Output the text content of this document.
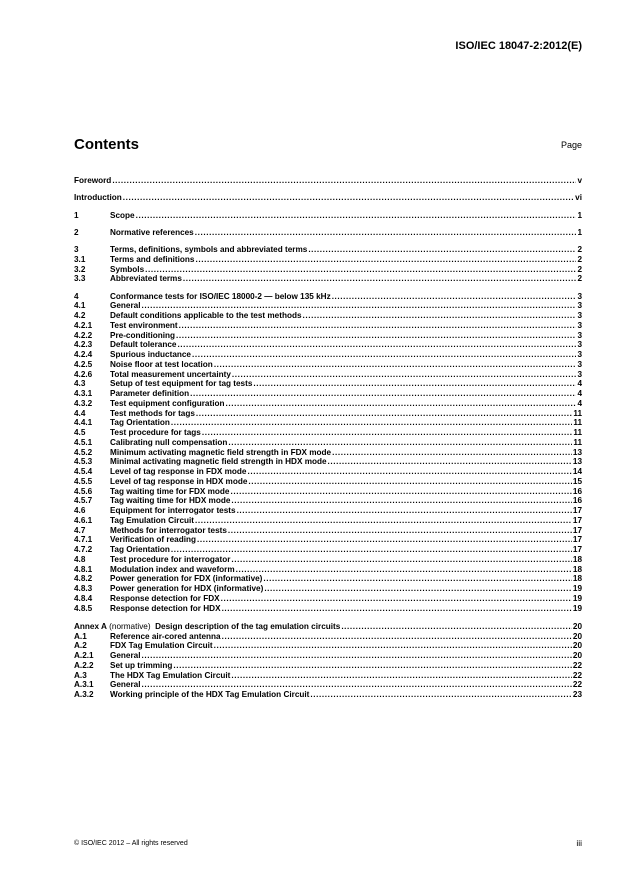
ISO/IEC 18047-2:2012(E)
Contents	Page
Foreword .....	v
Introduction .....	vi
1	Scope .....	1
2	Normative references .....	1
3	Terms, definitions, symbols and abbreviated terms .....	2
3.1	Terms and definitions .....	2
3.2	Symbols .....	2
3.3	Abbreviated terms .....	2
4	Conformance tests for ISO/IEC 18000-2 — below 135 kHz .....	3
4.1	General .....	3
4.2	Default conditions applicable to the test methods .....	3
4.2.1	Test environment .....	3
4.2.2	Pre-conditioning .....	3
4.2.3	Default tolerance .....	3
4.2.4	Spurious inductance .....	3
4.2.5	Noise floor at test location .....	3
4.2.6	Total measurement uncertainty .....	3
4.3	Setup of test equipment for tag tests .....	4
4.3.1	Parameter definition .....	4
4.3.2	Test equipment configuration .....	4
4.4	Test methods for tags .....	11
4.4.1	Tag Orientation .....	11
4.5	Test procedure for tags .....	11
4.5.1	Calibrating null compensation .....	11
4.5.2	Minimum activating magnetic field strength in FDX mode .....	13
4.5.3	Minimal activating magnetic field strength in HDX mode .....	13
4.5.4	Level of tag response in FDX mode .....	14
4.5.5	Level of tag response in HDX mode .....	15
4.5.6	Tag waiting time for FDX mode .....	16
4.5.7	Tag waiting time for HDX mode .....	16
4.6	Equipment for interrogator tests .....	17
4.6.1	Tag Emulation Circuit .....	17
4.7	Methods for interrogator tests .....	17
4.7.1	Verification of reading .....	17
4.7.2	Tag Orientation .....	17
4.8	Test procedure for interrogator .....	18
4.8.1	Modulation index and waveform .....	18
4.8.2	Power generation for FDX (informative) .....	18
4.8.3	Power generation for HDX (informative) .....	19
4.8.4	Response detection for FDX .....	19
4.8.5	Response detection for HDX .....	19
Annex A (normative)  Design description of the tag emulation circuits .....	20
A.1	Reference air-cored antenna .....	20
A.2	FDX Tag Emulation Circuit .....	20
A.2.1	General .....	20
A.2.2	Set up trimming .....	22
A.3	The HDX Tag Emulation Circuit .....	22
A.3.1	General .....	22
A.3.2	Working principle of the HDX Tag Emulation Circuit .....	23
© ISO/IEC 2012 – All rights reserved	iii
